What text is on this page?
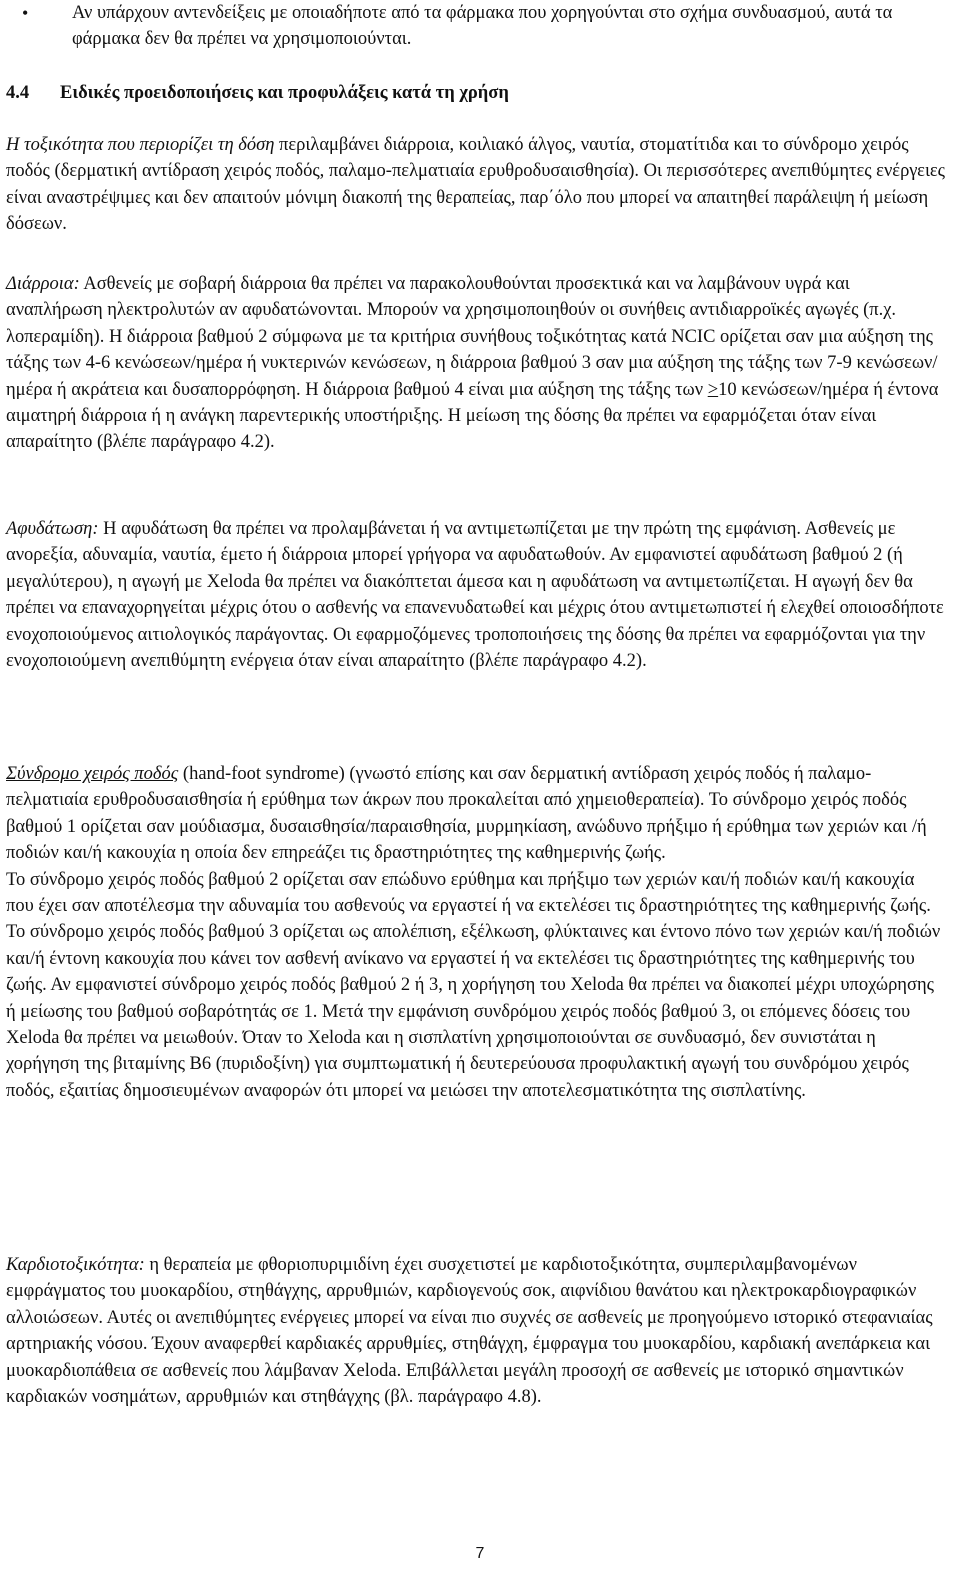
•	Αν υπάρχουν αντενδείξεις με οποιαδήποτε από τα φάρμακα που χορηγούνται στο σχήμα συνδυασμού, αυτά τα φάρμακα δεν θα πρέπει να χρησιμοποιούνται.
4.4 Ειδικές προειδοποιήσεις και προφυλάξεις κατά τη χρήση

Η τοξικότητα που περιορίζει τη δόση περιλαμβάνει διάρροια, κοιλιακό άλγος, ναυτία, στοματίτιδα και το σύνδρομο χειρός ποδός (δερματική αντίδραση χειρός ποδός, παλαμο-πελματιαία ερυθροδυσαισθησία). Οι περισσότερες ανεπιθύμητες ενέργειες είναι αναστρέψιμες και δεν απαιτούν μόνιμη διακοπή της θεραπείας, παρ΄όλο που μπορεί να απαιτηθεί παράλειψη ή μείωση δόσεων.

Διάρροια: Ασθενείς με σοβαρή διάρροια θα πρέπει να παρακολουθούνται προσεκτικά και να λαμβάνουν υγρά και αναπλήρωση ηλεκτρολυτών αν αφυδατώνονται. Μπορούν να χρησιμοποιηθούν οι συνήθεις αντιδιαρροϊκές αγωγές (π.χ. λοπεραμίδη). Η διάρροια βαθμού 2 σύμφωνα με τα κριτήρια συνήθους τοξικότητας κατά NCIC ορίζεται σαν μια αύξηση της τάξης των 4-6 κενώσεων/ημέρα ή νυκτερινών κενώσεων, η διάρροια βαθμού 3 σαν μια αύξηση της τάξης των 7-9 κενώσεων/ημέρα ή ακράτεια και δυσαπορρόφηση. Η διάρροια βαθμού 4 είναι μια αύξηση της τάξης των ≥10 κενώσεων/ημέρα ή έντονα αιματηρή διάρροια ή η ανάγκη παρεντερικής υποστήριξης. Η μείωση της δόσης θα πρέπει να εφαρμόζεται όταν είναι απαραίτητο (βλέπε παράγραφο 4.2).

Αφυδάτωση: Η αφυδάτωση θα πρέπει να προλαμβάνεται ή να αντιμετωπίζεται με την πρώτη της εμφάνιση. Ασθενείς με ανορεξία, αδυναμία, ναυτία, έμετο ή διάρροια μπορεί γρήγορα να αφυδατωθούν. Αν εμφανιστεί αφυδάτωση βαθμού 2 (ή μεγαλύτερου), η αγωγή με Xeloda θα πρέπει να διακόπτεται άμεσα και η αφυδάτωση να αντιμετωπίζεται. Η αγωγή δεν θα πρέπει να επαναχορηγείται μέχρις ότου ο ασθενής να επανενυδατωθεί και μέχρις ότου αντιμετωπιστεί ή ελεχθεί οποιοσδήποτε ενοχοποιούμενος αιτιολογικός παράγοντας. Οι εφαρμοζόμενες τροποποιήσεις της δόσης θα πρέπει να εφαρμόζονται για την ενοχοποιούμενη ανεπιθύμητη ενέργεια όταν είναι απαραίτητο (βλέπε παράγραφο 4.2).

Σύνδρομο χειρός ποδός (hand-foot syndrome) (γνωστό επίσης και σαν δερματική αντίδραση χειρός ποδός ή παλαμο-πελματιαία ερυθροδυσαισθησία ή ερύθημα των άκρων που προκαλείται από χημειοθεραπεία). Το σύνδρομο χειρός ποδός βαθμού 1 ορίζεται σαν μούδιασμα, δυσαισθησία/παραισθησία, μυρμηκίαση, ανώδυνο πρήξιμο ή ερύθημα των χεριών και /ή ποδιών και/ή κακουχία η οποία δεν επηρεάζει τις δραστηριότητες της καθημερινής ζωής.

Το σύνδρομο χειρός ποδός βαθμού 2 ορίζεται σαν επώδυνο ερύθημα και πρήξιμο των χεριών και/ή ποδιών και/ή κακουχία που έχει σαν αποτέλεσμα την αδυναμία του ασθενούς να εργαστεί ή να εκτελέσει τις δραστηριότητες της καθημερινής ζωής.

Το σύνδρομο χειρός ποδός βαθμού 3 ορίζεται ως απολέπιση, εξέλκωση, φλύκταινες και έντονο πόνο των χεριών και/ή ποδιών και/ή έντονη κακουχία που κάνει τον ασθενή ανίκανο να εργαστεί ή να εκτελέσει τις δραστηριότητες της καθημερινής του ζωής. Αν εμφανιστεί σύνδρομο χειρός ποδός βαθμού 2 ή 3, η χορήγηση του Xeloda θα πρέπει να διακοπεί μέχρι υποχώρησης ή μείωσης του βαθμού σοβαρότητάς σε 1. Μετά την εμφάνιση συνδρόμου χειρός ποδός βαθμού 3, οι επόμενες δόσεις του Xeloda θα πρέπει να μειωθούν. Όταν το Xeloda και η σισπλατίνη χρησιμοποιούνται σε συνδυασμό, δεν συνιστάται η χορήγηση της βιταμίνης B6 (πυριδοξίνη) για συμπτωματική ή δευτερεύουσα προφυλακτική αγωγή του συνδρόμου χειρός ποδός, εξαιτίας δημοσιευμένων αναφορών ότι μπορεί να μειώσει την αποτελεσματικότητα της σισπλατίνης.

Καρδιοτοξικότητα: η θεραπεία με φθοριοπυριμιδίνη έχει συσχετιστεί με καρδιοτοξικότητα, συμπεριλαμβανομένων εμφράγματος του μυοκαρδίου, στηθάγχης, αρρυθμιών, καρδιογενούς σοκ, αιφνίδιου θανάτου και ηλεκτροκαρδιογραφικών αλλοιώσεων. Αυτές οι ανεπιθύμητες ενέργειες μπορεί να είναι πιο συχνές σε ασθενείς με προηγούμενο ιστορικό στεφανιαίας αρτηριακής νόσου. Έχουν αναφερθεί καρδιακές αρρυθμίες, στηθάγχη, έμφραγμα του μυοκαρδίου, καρδιακή ανεπάρκεια και μυοκαρδιοπάθεια σε ασθενείς που λάμβαναν Xeloda. Επιβάλλεται μεγάλη προσοχή σε ασθενείς με ιστορικό σημαντικών καρδιακών νοσημάτων, αρρυθμιών και στηθάγχης (βλ. παράγραφο 4.8).

7
